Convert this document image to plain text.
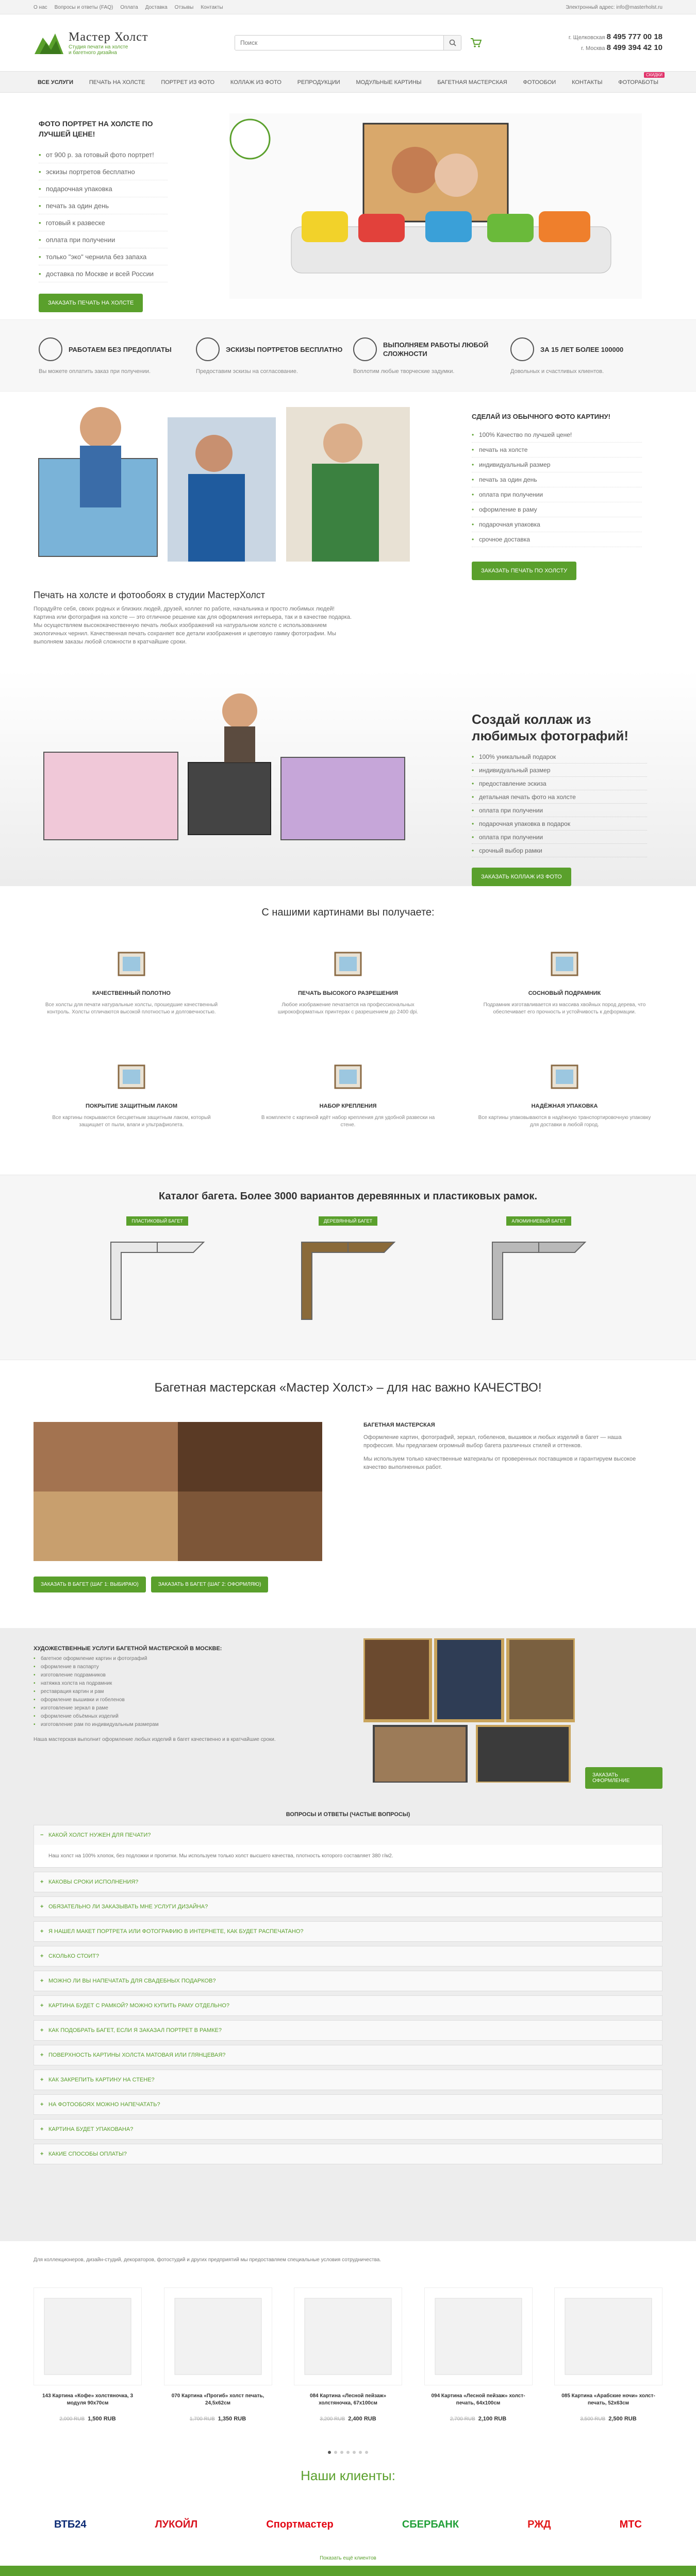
О нас Вопросы и ответы (FAQ) Оплата Доставка Отзывы Контакты	Электронный адрес: info@masterholst.ru
Мастер Холст
Студия печати на холсте
и багетного дизайна
Поиск
г. Щелковская 8 495 777 00 18
г. Москва 8 499 394 42 10
ВСЕ УСЛУГИ	ПЕЧАТЬ НА ХОЛСТЕ	ПОРТРЕТ ИЗ ФОТО	КОЛЛАЖ ИЗ ФОТО	РЕПРОДУКЦИИ	МОДУЛЬНЫЕ КАРТИНЫ	БАГЕТНАЯ МАСТЕРСКАЯ	ФОТООБОИ	КОНТАКТЫ	ФОТОРАБОТЫ
СКИДКИ
ФОТО ПОРТРЕТ НА ХОЛСТЕ ПО ЛУЧШЕЙ ЦЕНЕ!
• от 900 р. за готовый фото портрет!
• эскизы портретов бесплатно
• подарочная упаковка
• печать за один день
• готовый к развеске
• оплата при получении
• только "эко" чернила без запаха
• доставка по Москве и всей России
ЗАКАЗАТЬ ПЕЧАТЬ НА ХОЛСТЕ
РАБОТАЕМ БЕЗ ПРЕДОПЛАТЫ

Вы можете оплатить заказ при получении.

ЭСКИЗЫ ПОРТРЕТОВ БЕСПЛАТНО

Предоставим эскизы на согласование.

ВЫПОЛНЯЕМ РАБОТЫ ЛЮБОЙ СЛОЖНОСТИ

Воплотим любые творческие задумки.

ЗА 15 ЛЕТ БОЛЕЕ 100000

Довольных и счастливых клиентов.

СДЕЛАЙ ИЗ ОБЫЧНОГО ФОТО КАРТИНУ!
• 100% Качество по лучшей цене!
• печать на холсте
• индивидуальный размер
• печать за один день
• оплата при получении
• оформление в раму
• подарочная упаковка
• срочное доставка
ЗАКАЗАТЬ ПЕЧАТЬ ПО ХОЛСТУ
Печать на холсте и фотообоях в студии МастерХолст

Порадуйте себя, своих родных и близких людей, друзей, коллег по работе, начальника и просто любимых людей! Картина или фотография на холсте — это отличное решение как для оформления интерьера, так и в качестве подарка. Мы осуществляем высококачественную печать любых изображений на натуральном холсте с использованием экологичных чернил. Качественная печать сохраняет все детали изображения и цветовую гамму фотографии. Мы выполняем заказы любой сложности в кратчайшие сроки.

Создай коллаж из любимых фотографий!
• 100% уникальный подарок
• индивидуальный размер
• предоставление эскиза
• детальная печать фото на холсте
• оплата при получении
• подарочная упаковка в подарок
• оплата при получении
• срочный выбор рамки
ЗАКАЗАТЬ КОЛЛАЖ ИЗ ФОТО
С нашими картинами вы получаете:
КАЧЕСТВЕННЫЙ ПОЛОТНО

Все холсты для печати натуральные холсты, прошедшие качественный контроль. Холсты отличаются высокой плотностью и долговечностью.

ПЕЧАТЬ ВЫСОКОГО РАЗРЕШЕНИЯ

Любое изображение печатается на профессиональных широкоформатных принтерах с разрешением до 2400 dpi.

СОСНОВЫЙ ПОДРАМНИК

Подрамник изготавливается из массива хвойных пород дерева, что обеспечивает его прочность и устойчивость к деформации.

ПОКРЫТИЕ ЗАЩИТНЫМ ЛАКОМ

Все картины покрываются бесцветным защитным лаком, который защищает от пыли, влаги и ультрафиолета.

НАБОР КРЕПЛЕНИЯ

В комплекте с картиной идёт набор крепления для удобной развески на стене.

НАДЁЖНАЯ УПАКОВКА

Все картины упаковываются в надёжную транспортировочную упаковку для доставки в любой город.

Каталог багета. Более 3000 вариантов деревянных и пластиковых рамок.
ПЛАСТИКОВЫЙ БАГЕТ	ДЕРЕВЯННЫЙ БАГЕТ	АЛЮМИНИЕВЫЙ БАГЕТ
Багетная мастерская «Мастер Холст» – для нас важно КАЧЕСТВО!
БАГЕТНАЯ МАСТЕРСКАЯ

Оформление картин, фотографий, зеркал, гобеленов, вышивок и любых изделий в багет — наша профессия. Мы предлагаем огромный выбор багета различных стилей и оттенков.

Мы используем только качественные материалы от проверенных поставщиков и гарантируем высокое качество выполненных работ.

ЗАКАЗАТЬ В БАГЕТ (ШАГ 1: ВЫБИРАЮ)	ЗАКАЗАТЬ В БАГЕТ (ШАГ 2: ОФОРМЛЯЮ)
ХУДОЖЕСТВЕННЫЕ УСЛУГИ БАГЕТНОЙ МАСТЕРСКОЙ В МОСКВЕ:
• багетное оформление картин и фотографий
• оформление в паспарту
• изготовление подрамников
• натяжка холста на подрамник
• реставрация картин и рам
• оформление вышивки и гобеленов
• изготовление зеркал в раме
• оформление объёмных изделий
• изготовление рам по индивидуальным размерам

Наша мастерская выполнит оформление любых изделий в багет качественно и в кратчайшие сроки.

ЗАКАЗАТЬ ОФОРМЛЕНИЕ
ВОПРОСЫ И ОТВЕТЫ (ЧАСТЫЕ ВОПРОСЫ)
− КАКОЙ ХОЛСТ НУЖЕН ДЛЯ ПЕЧАТИ?
Наш холст на 100% хлопок, без подложки и пропитки. Мы используем только холст высшего качества, плотность которого составляет 380 г/м2.
+ КАКОВЫ СРОКИ ИСПОЛНЕНИЯ?
+ ОБЯЗАТЕЛЬНО ЛИ ЗАКАЗЫВАТЬ МНЕ УСЛУГИ ДИЗАЙНА?
+ Я НАШЕЛ МАКЕТ ПОРТРЕТА ИЛИ ФОТОГРАФИЮ В ИНТЕРНЕТЕ, КАК БУДЕТ РАСПЕЧАТАНО?
+ СКОЛЬКО СТОИТ?
+ МОЖНО ЛИ ВЫ НАПЕЧАТАТЬ ДЛЯ СВАДЕБНЫХ ПОДАРКОВ?
+ КАРТИНА БУДЕТ С РАМКОЙ? МОЖНО КУПИТЬ РАМУ ОТДЕЛЬНО?
+ КАК ПОДОБРАТЬ БАГЕТ, ЕСЛИ Я ЗАКАЗАЛ ПОРТРЕТ В РАМКЕ?
+ ПОВЕРХНОСТЬ КАРТИНЫ ХОЛСТА МАТОВАЯ ИЛИ ГЛЯНЦЕВАЯ?
+ КАК ЗАКРЕПИТЬ КАРТИНУ НА СТЕНЕ?
+ НА ФОТООБОЯХ МОЖНО НАПЕЧАТАТЬ?
+ КАРТИНА БУДЕТ УПАКОВАНА?
+ КАКИЕ СПОСОБЫ ОПЛАТЫ?

Для коллекционеров, дизайн-студий, декораторов, фотостудий и других предприятий мы предоставляем специальные условия сотрудничества.

143 Картина «Кофе» холстяночка, 3 модуля 90x70см
2,000 RUB 1,500 RUB
070 Картина «Прогиб» холст печать, 24,5x62см
1,700 RUB 1,350 RUB
084 Картина «Лесной пейзаж» холстяночка, 67x100см
3,200 RUB 2,400 RUB
094 Картина «Лесной пейзаж» холст-печать, 64x100см
2,700 RUB 2,100 RUB
085 Картина «Арабские ночи» холст-печать, 52x63см
3,500 RUB 2,500 RUB
Наши клиенты:
ВТБ24	ЛУКОЙЛ	Спортмастер	СБЕРБАНК	РЖД	МТС
Показать ещё клиентов
